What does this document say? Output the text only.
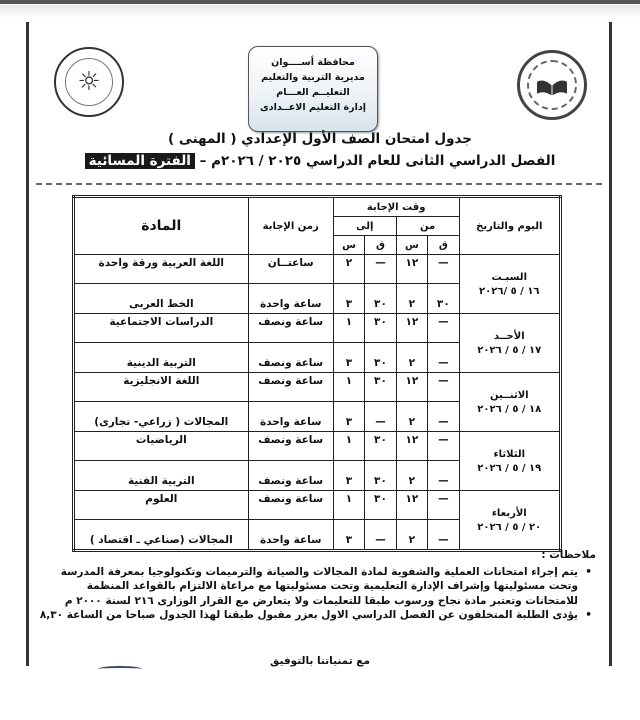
☼
محافظة أســــوان
مديرية التربية والتعليم
التعليــم العـــام
إدارة التعليم الاعــدادى
جدول امتحان الصف الأول الإعدادي ( المهنى )
الفصل الدراسي الثانى للعام الدراسي ٢٠٢٥ / ٢٠٢٦م – الفترة المسائية
اليوم والتاريخ	وقت الإجابة				زمن الإجابة	المادة
	من		إلى			
	ق	س	ق	س		

السبـت
١٦ / ٥ /٢٠٢٦	—	١٢	—	٢	ساعتــان	اللغة العربية ورقة واحدة
	٣٠	٢	٣٠	٣	ساعة واحدة	الخط العربى

الأحــد
١٧ / ٥ / ٢٠٢٦	—	١٢	٣٠	١	ساعة ونصف	الدراسات الاجتماعية
	—	٢	٣٠	٣	ساعة ونصف	التربية الدينية

الاثنــين
١٨ / ٥ / ٢٠٢٦	—	١٢	٣٠	١	ساعة ونصف	اللغة الانجليزية
	—	٢	—	٣	ساعة واحدة	المجالات ( زراعي- تجارى)

الثلاثاء
١٩ / ٥ / ٢٠٢٦	—	١٢	٣٠	١	ساعة ونصف	الرياضيات
	—	٢	٣٠	٣	ساعة ونصف	التربية الفنية

الأربعاء
٢٠ / ٥ / ٢٠٢٦	—	١٢	٣٠	١	ساعة ونصف	العلوم
	—	٢	—	٣	ساعة واحدة	المجالات (صناعي ـ اقتصاد )
ملاحظات :
•
يتم إجراء امتحانات العملية والشفوية لمادة المجالات والصيانة والترميمات وتكنولوجيا بمعرفة المدرسة وتحت مسئوليتها وإشراف الإدارة التعليمية وتحت مسئوليتها مع مراعاة الالتزام بالقواعد المنظمة للامتحانات وتعتبر مادة نجاح ورسوب طبقا للتعليمات ولا يتعارض مع القرار الوزارى ٢١٦ لسنة ٢٠٠٠ م
•
يؤدى الطلبة المتخلفون عن الفصل الدراسي الاول بعزر مقبول طبقنا لهذا الجدول صباحا من الساعة ٨,٣٠
مع تمنياتنا بالتوفيق
